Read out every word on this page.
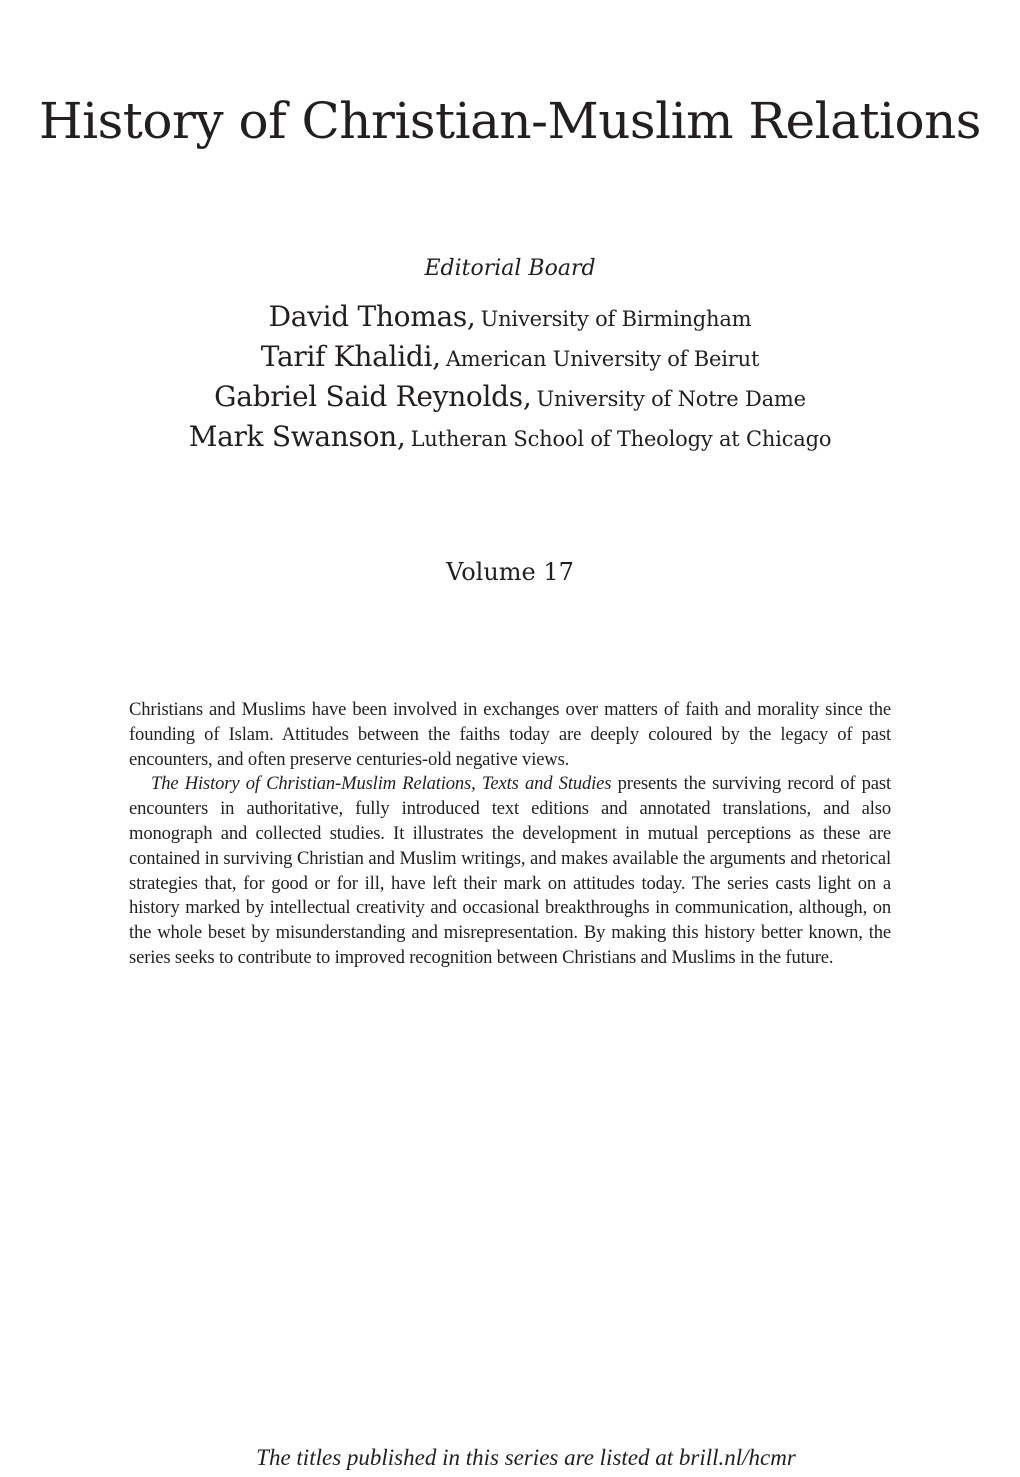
History of Christian-Muslim Relations
Editorial Board
David Thomas, University of Birmingham
Tarif Khalidi, American University of Beirut
Gabriel Said Reynolds, University of Notre Dame
Mark Swanson, Lutheran School of Theology at Chicago
Volume 17

Christians and Muslims have been involved in exchanges over matters of faith and morality since the founding of Islam. Attitudes between the faiths today are deeply coloured by the legacy of past encounters, and often preserve centuries-old negative views.

The History of Christian-Muslim Relations, Texts and Studies presents the surviving record of past encounters in authoritative, fully introduced text editions and annotated translations, and also monograph and collected studies. It illustrates the development in mutual perceptions as these are contained in surviving Christian and Muslim writings, and makes available the arguments and rhetorical strategies that, for good or for ill, have left their mark on attitudes today. The series casts light on a history marked by intellectual creativity and occasional breakthroughs in communication, although, on the whole beset by misunderstanding and misrepresentation. By making this history better known, the series seeks to contribute to improved recognition between Christians and Muslims in the future.

The titles published in this series are listed at brill.nl/hcmr
